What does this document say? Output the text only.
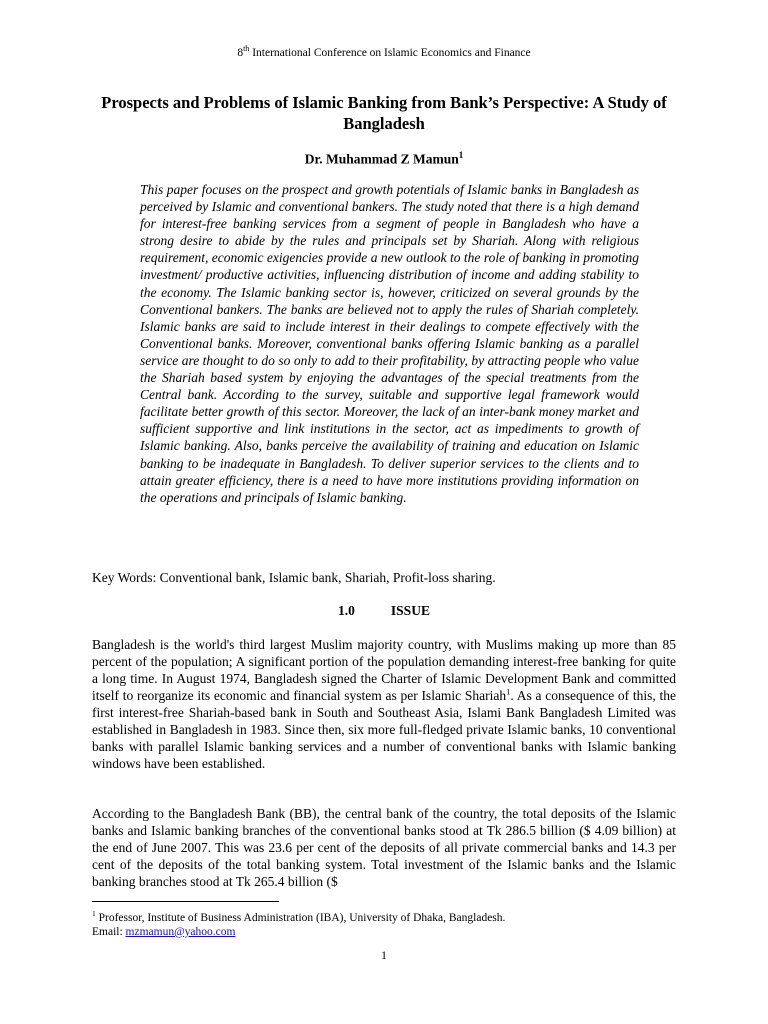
8th International Conference on Islamic Economics and Finance
Prospects and Problems of Islamic Banking from Bank’s Perspective: A Study of Bangladesh
Dr. Muhammad Z Mamun$^1$
This paper focuses on the prospect and growth potentials of Islamic banks in Bangladesh as perceived by Islamic and conventional bankers. The study noted that there is a high demand for interest-free banking services from a segment of people in Bangladesh who have a strong desire to abide by the rules and principals set by Shariah. Along with religious requirement, economic exigencies provide a new outlook to the role of banking in promoting investment/ productive activities, influencing distribution of income and adding stability to the economy. The Islamic banking sector is, however, criticized on several grounds by the Conventional bankers. The banks are believed not to apply the rules of Shariah completely. Islamic banks are said to include interest in their dealings to compete effectively with the Conventional banks. Moreover, conventional banks offering Islamic banking as a parallel service are thought to do so only to add to their profitability, by attracting people who value the Shariah based system by enjoying the advantages of the special treatments from the Central bank. According to the survey, suitable and supportive legal framework would facilitate better growth of this sector. Moreover, the lack of an inter-bank money market and sufficient supportive and link institutions in the sector, act as impediments to growth of Islamic banking. Also, banks perceive the availability of training and education on Islamic banking to be inadequate in Bangladesh. To deliver superior services to the clients and to attain greater efficiency, there is a need to have more institutions providing information on the operations and principals of Islamic banking.
Key Words: Conventional bank, Islamic bank, Shariah, Profit-loss sharing.
1.0	ISSUE
Bangladesh is the world's third largest Muslim majority country, with Muslims making up more than 85 percent of the population; A significant portion of the population demanding interest-free banking for quite a long time. In August 1974, Bangladesh signed the Charter of Islamic Development Bank and committed itself to reorganize its economic and financial system as per Islamic Shariah$^1$. As a consequence of this, the first interest-free Shariah-based bank in South and Southeast Asia, Islami Bank Bangladesh Limited was established in Bangladesh in 1983. Since then, six more full-fledged private Islamic banks, 10 conventional banks with parallel Islamic banking services and a number of conventional banks with Islamic banking windows have been established.
According to the Bangladesh Bank (BB), the central bank of the country, the total deposits of the Islamic banks and Islamic banking branches of the conventional banks stood at Tk 286.5 billion ($ 4.09 billion) at the end of June 2007. This was 23.6 per cent of the deposits of all private commercial banks and 14.3 per cent of the deposits of the total banking system. Total investment of the Islamic banks and the Islamic banking branches stood at Tk 265.4 billion ($
$^1$ Professor, Institute of Business Administration (IBA), University of Dhaka, Bangladesh.
Email: mzmamun@yahoo.com
1
